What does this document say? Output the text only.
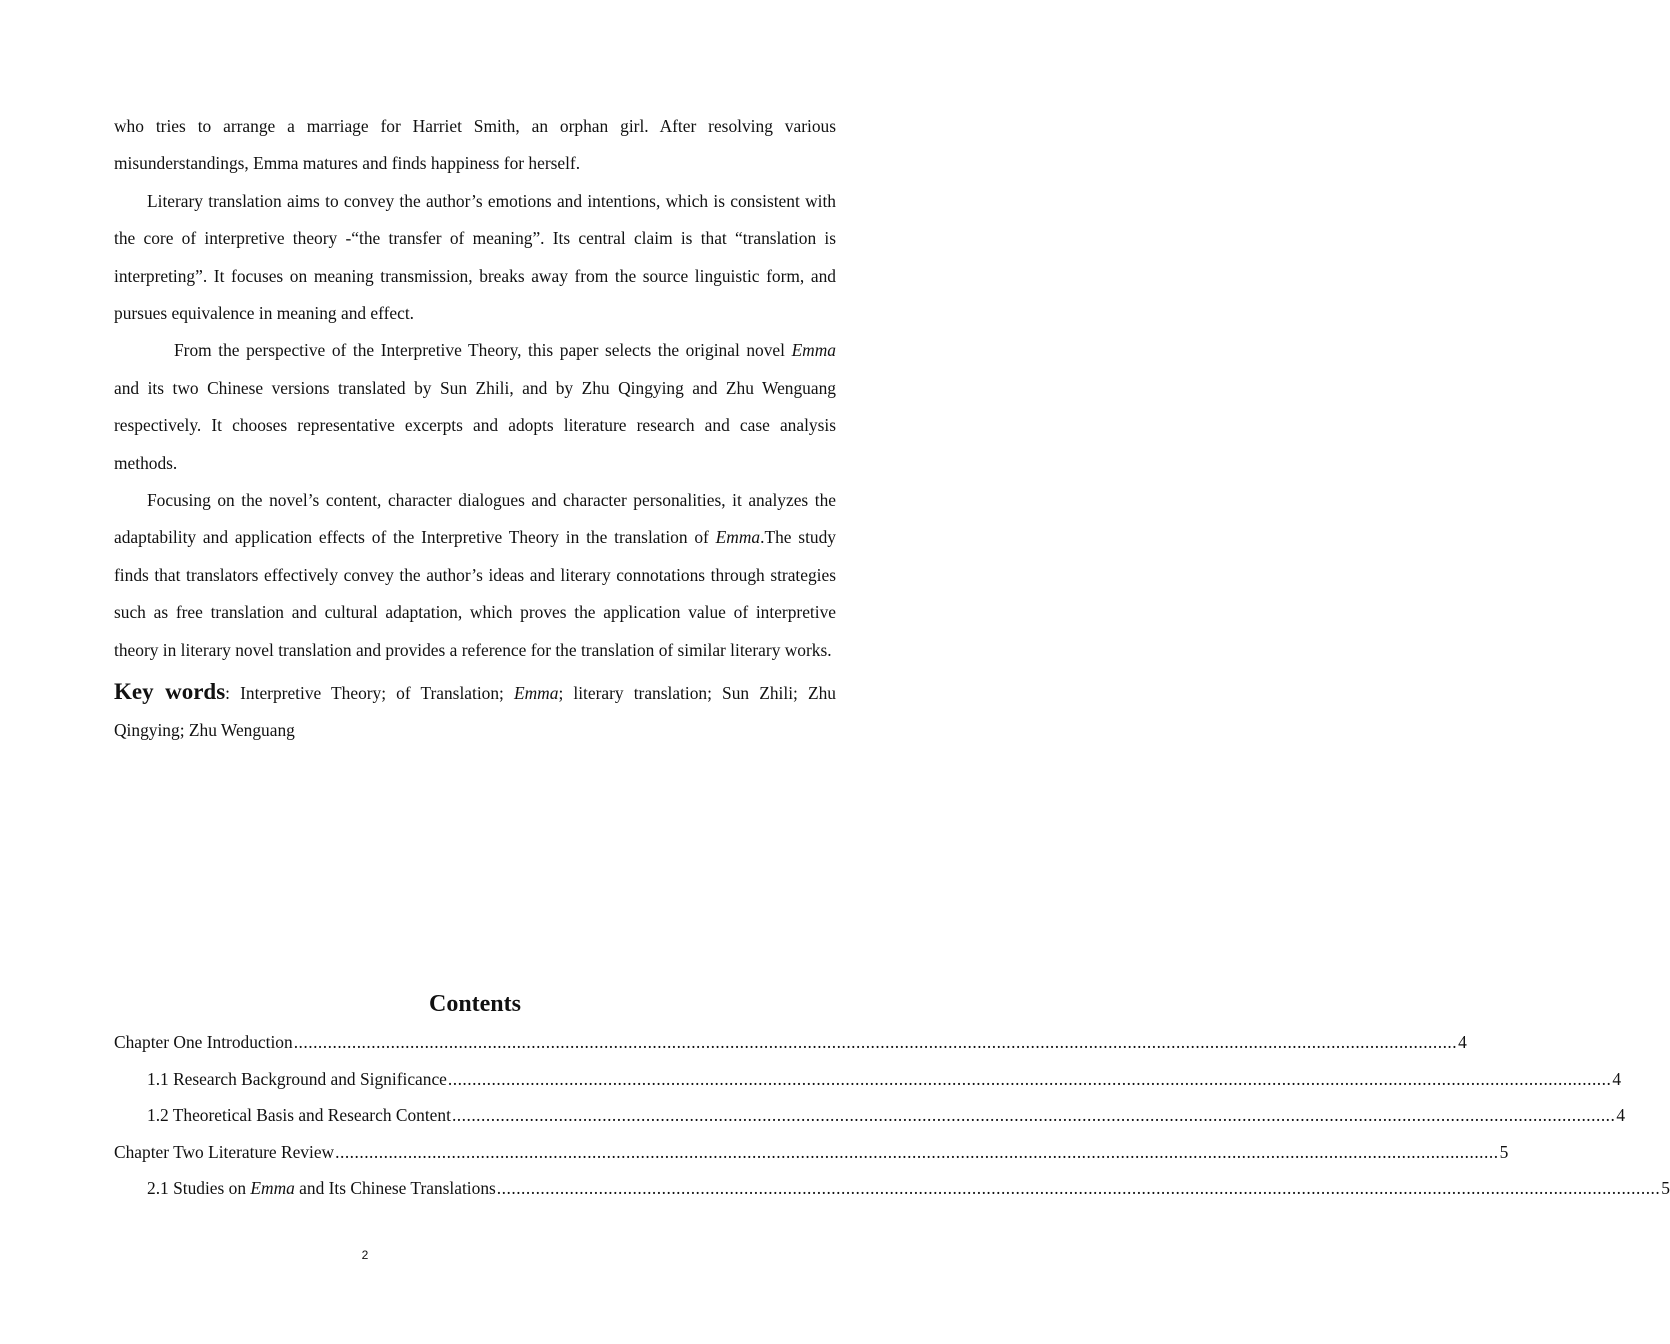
who tries to arrange a marriage for Harriet Smith, an orphan girl. After resolving various misunderstandings, Emma matures and finds happiness for herself.

Literary translation aims to convey the author’s emotions and intentions, which is consistent with the core of interpretive theory -“the transfer of meaning”. Its central claim is that “translation is interpreting”. It focuses on meaning transmission, breaks away from the source linguistic form, and pursues equivalence in meaning and effect.

From the perspective of the Interpretive Theory, this paper selects the original novel Emma and its two Chinese versions translated by Sun Zhili, and by Zhu Qingying and Zhu Wenguang respectively. It chooses representative excerpts and adopts literature research and case analysis methods.

Focusing on the novel’s content, character dialogues and character personalities, it analyzes the adaptability and application effects of the Interpretive Theory in the translation of Emma.The study finds that translators effectively convey the author’s ideas and literary connotations through strategies such as free translation and cultural adaptation, which proves the application value of interpretive theory in literary novel translation and provides a reference for the translation of similar literary works.

Key words: Interpretive Theory; of Translation; Emma; literary translation; Sun Zhili; Zhu Qingying; Zhu Wenguang

Contents
Chapter One Introduction ................................................................................................................................................................................................................................................ 4
1.1 Research Background and Significance ................................................................................................................................................................................................................................................ 4
1.2 Theoretical Basis and Research Content ................................................................................................................................................................................................................................................ 4
Chapter Two Literature Review ................................................................................................................................................................................................................................................ 5
2.1 Studies on Emma and Its Chinese Translations ................................................................................................................................................................................................................................................ 5
2
